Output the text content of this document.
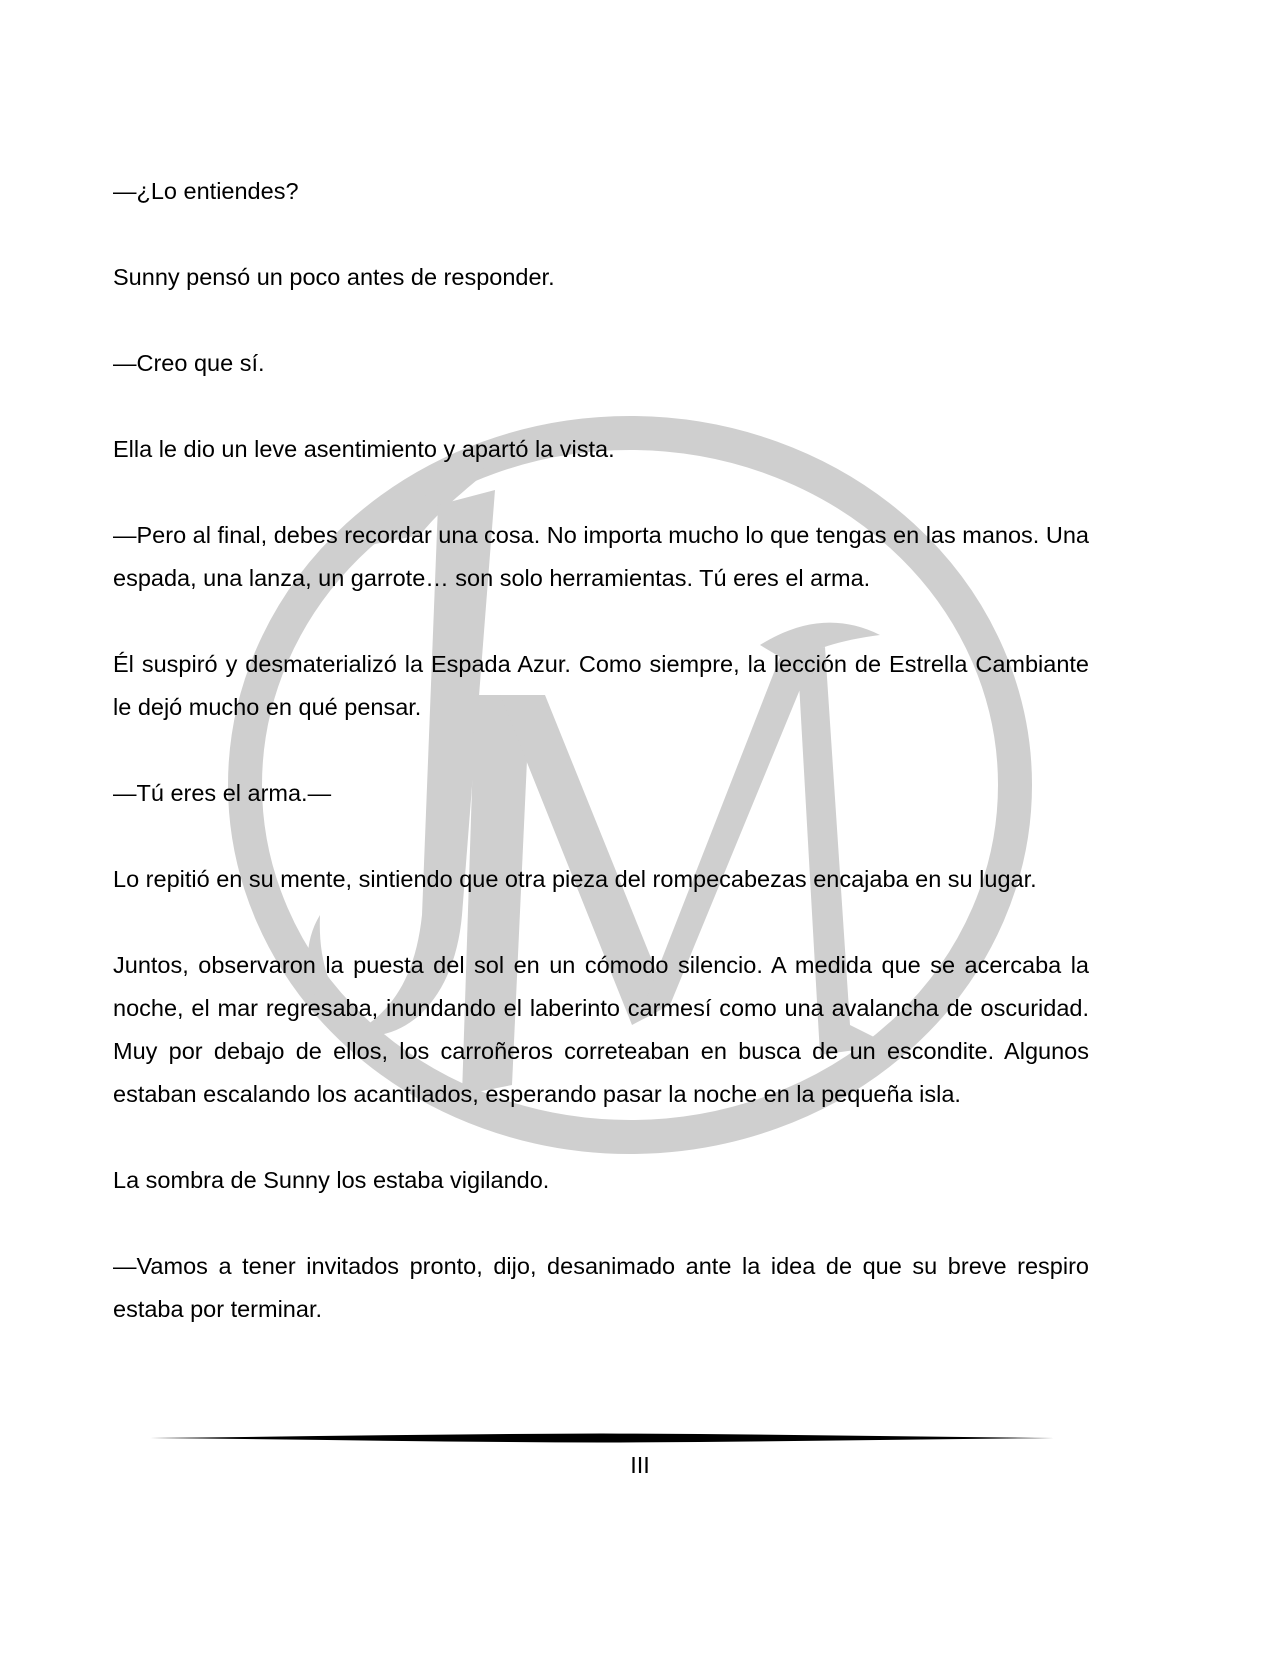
—¿Lo entiendes?

Sunny pensó un poco antes de responder.

—Creo que sí.

Ella le dio un leve asentimiento y apartó la vista.

—Pero al final, debes recordar una cosa. No importa mucho lo que tengas en las manos. Una espada, una lanza, un garrote… son solo herramientas. Tú eres el arma.

Él suspiró y desmaterializó la Espada Azur. Como siempre, la lección de Estrella Cambiante le dejó mucho en qué pensar.

—Tú eres el arma.—

Lo repitió en su mente, sintiendo que otra pieza del rompecabezas encajaba en su lugar.

Juntos, observaron la puesta del sol en un cómodo silencio. A medida que se acercaba la noche, el mar regresaba, inundando el laberinto carmesí como una avalancha de oscuridad. Muy por debajo de ellos, los carroñeros correteaban en busca de un escondite. Algunos estaban escalando los acantilados, esperando pasar la noche en la pequeña isla.

La sombra de Sunny los estaba vigilando.

—Vamos a tener invitados pronto, dijo, desanimado ante la idea de que su breve respiro estaba por terminar.

III
